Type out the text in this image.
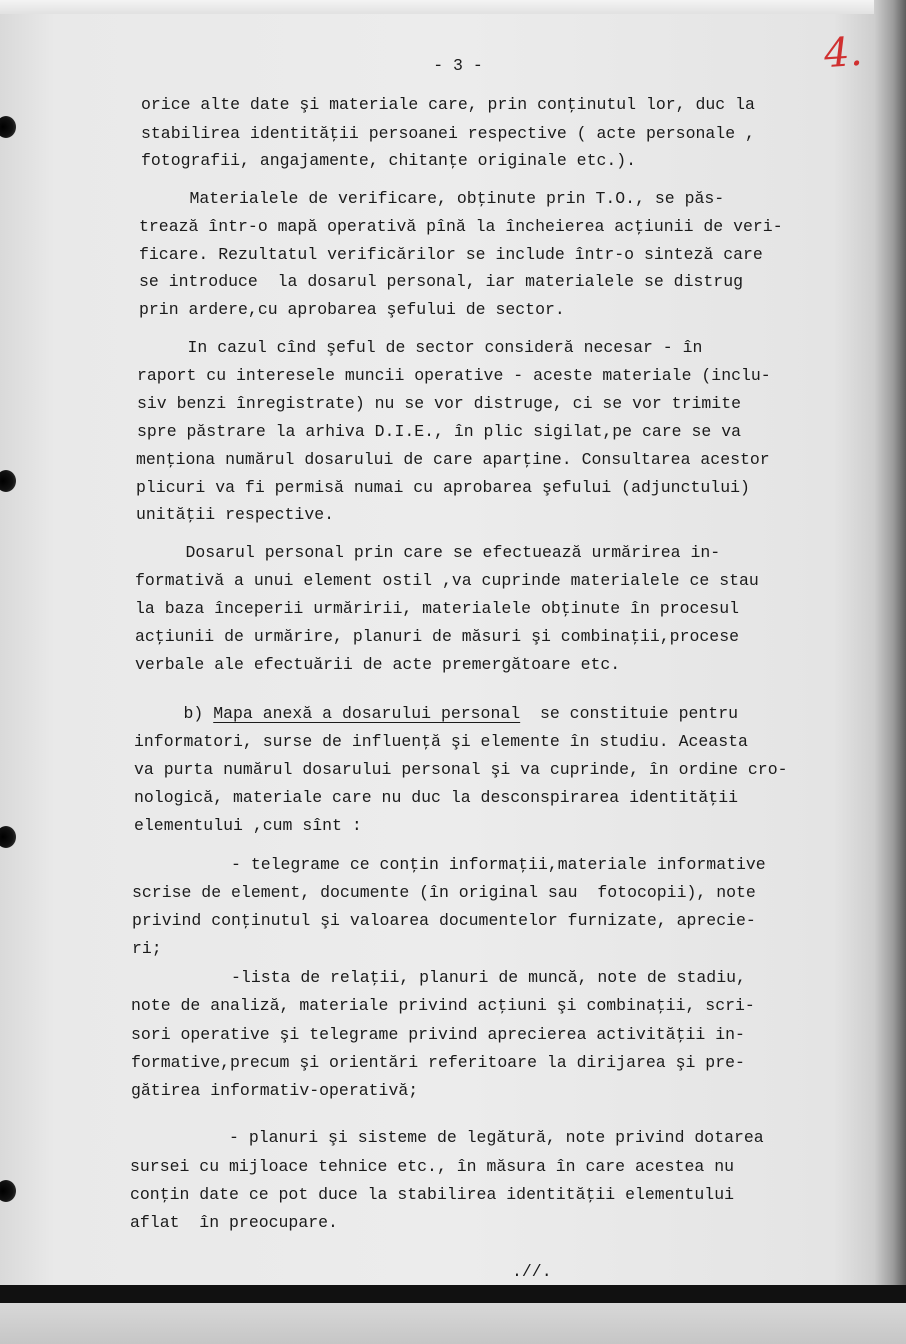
- 3 -	4.
orice alte date şi materiale care, prin conţinutul lor, duc la
stabilirea identităţii persoanei respective ( acte personale ,
fotografii, angajamente, chitanţe originale etc.).
Materialele de verificare, obţinute prin T.O., se păs-
trează într-o mapă operativă pînă la încheierea acţiunii de veri-
ficare. Rezultatul verificărilor se include într-o sinteză care
se introduce  la dosarul personal, iar materialele se distrug
prin ardere,cu aprobarea şefului de sector.
In cazul cînd şeful de sector consideră necesar - în
raport cu interesele muncii operative - aceste materiale (inclu-
siv benzi înregistrate) nu se vor distruge, ci se vor trimite
spre păstrare la arhiva D.I.E., în plic sigilat,pe care se va
menţiona numărul dosarului de care aparţine. Consultarea acestor
plicuri va fi permisă numai cu aprobarea şefului (adjunctului)
unităţii respective.
Dosarul personal prin care se efectuează urmărirea in-
formativă a unui element ostil ,va cuprinde materialele ce stau
la baza începerii urmăririi, materialele obţinute în procesul
acţiunii de urmărire, planuri de măsuri şi combinaţii,procese
verbale ale efectuării de acte premergătoare etc.
b) Mapa anexă a dosarului personal  se constituie pentru
informatori, surse de influenţă şi elemente în studiu. Aceasta
va purta numărul dosarului personal şi va cuprinde, în ordine cro-
nologică, materiale care nu duc la desconspirarea identităţii
elementului ,cum sînt :
- telegrame ce conţin informaţii,materiale informative
scrise de element, documente (în original sau  fotocopii), note
privind conţinutul şi valoarea documentelor furnizate, aprecie-
ri;
-lista de relaţii, planuri de muncă, note de stadiu,
note de analiză, materiale privind acţiuni şi combinaţii, scri-
sori operative şi telegrame privind aprecierea activităţii in-
formative,precum şi orientări referitoare la dirijarea şi pre-
gătirea informativ-operativă;
- planuri şi sisteme de legătură, note privind dotarea
sursei cu mijloace tehnice etc., în măsura în care acestea nu
conţin date ce pot duce la stabilirea identităţii elementului
aflat  în preocupare.
.//.
